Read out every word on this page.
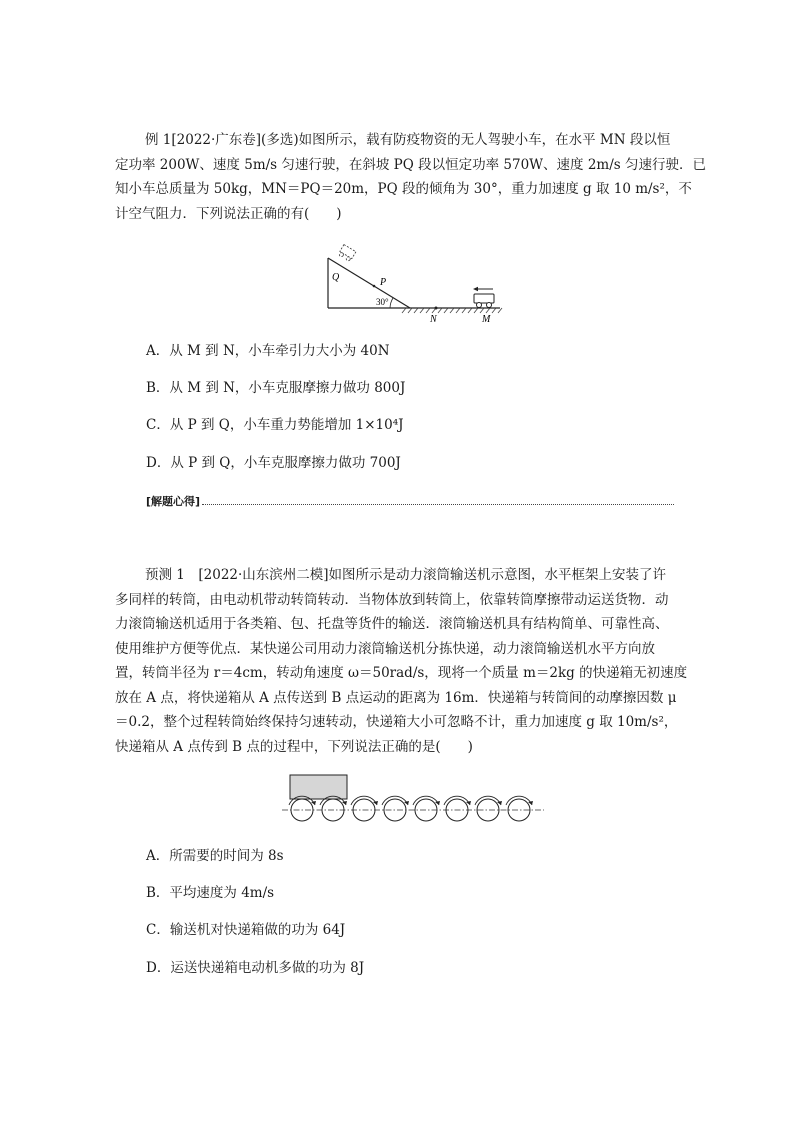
例 1[2022·广东卷](多选)如图所示，载有防疫物资的无人驾驶小车，在水平 MN 段以恒
定功率 200W、速度 5m/s 匀速行驶，在斜坡 PQ 段以恒定功率 570W、速度 2m/s 匀速行驶．已
知小车总质量为 50kg，MN＝PQ＝20m，PQ 段的倾角为 30°，重力加速度 g 取 10 m/s²，不
计空气阻力．下列说法正确的有(　　)
Q	P
30°
N	M
A．从 M 到 N，小车牵引力大小为 40N
B．从 M 到 N，小车克服摩擦力做功 800J
C．从 P 到 Q，小车重力势能增加 1×10⁴J
D．从 P 到 Q，小车克服摩擦力做功 700J
[解题心得]
预测 1　[2022·山东滨州二模]如图所示是动力滚筒输送机示意图，水平框架上安装了许
多同样的转筒，由电动机带动转筒转动．当物体放到转筒上，依靠转筒摩擦带动运送货物．动
力滚筒输送机适用于各类箱、包、托盘等货件的输送．滚筒输送机具有结构简单、可靠性高、
使用维护方便等优点．某快递公司用动力滚筒输送机分拣快递，动力滚筒输送机水平方向放
置，转筒半径为 r＝4cm，转动角速度 ω＝50rad/s，现将一个质量 m＝2kg 的快递箱无初速度
放在 A 点，将快递箱从 A 点传送到 B 点运动的距离为 16m．快递箱与转筒间的动摩擦因数 μ
＝0.2，整个过程转筒始终保持匀速转动，快递箱大小可忽略不计，重力加速度 g 取 10m/s²，
快递箱从 A 点传到 B 点的过程中，下列说法正确的是(　　)
A．所需要的时间为 8s
B．平均速度为 4m/s
C．输送机对快递箱做的功为 64J
D．运送快递箱电动机多做的功为 8J
